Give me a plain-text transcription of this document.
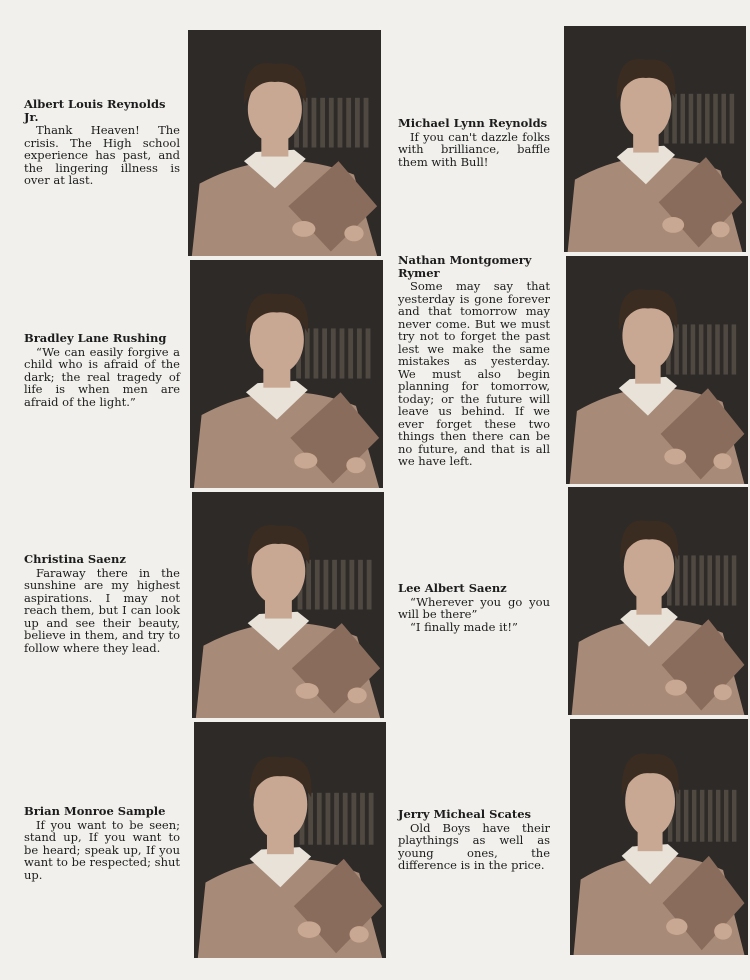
Albert Louis Reynolds Jr.

Thank Heaven! The crisis. The High school experience has past, and the lingering illness is over at last.

Bradley Lane Rushing

“We can easily forgive a child who is afraid of the dark; the real tragedy of life is when men are afraid of the light.”

Christina Saenz

Faraway there in the sunshine are my highest aspirations. I may not reach them, but I can look up and see their beauty, believe in them, and try to follow where they lead.

Brian Monroe Sample

If you want to be seen; stand up, If you want to be heard; speak up, If you want to be respected; shut up.

Michael Lynn Reynolds

If you can't dazzle folks with brilliance, baffle them with Bull!

Nathan Montgomery Rymer

Some may say that yesterday is gone forever and that tomorrow may never come. But we must try not to forget the past lest we make the same mistakes as yesterday. We must also begin planning for tomorrow, today; or the future will leave us behind. If we ever forget these two things then there can be no future, and that is all we have left.

Lee Albert Saenz

“Wherever you go you will be there”

“I finally made it!”

Jerry Micheal Scates

Old Boys have their playthings as well as young ones, the difference is in the price.
